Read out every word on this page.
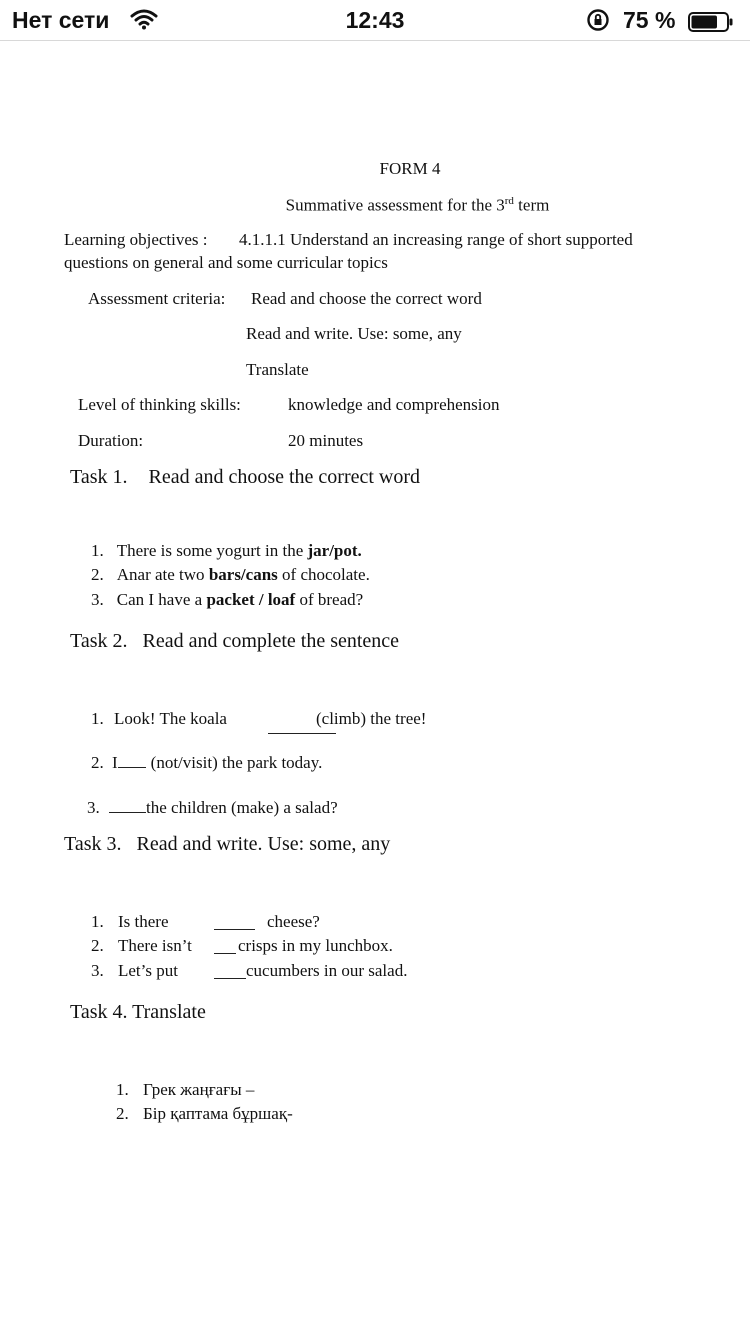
Нет сети	12:43	75 %
FORM 4
Summative assessment for the 3rd term
Learning objectives : 4.1.1.1 Understand an increasing range of short supported
questions on general and some curricular topics
Assessment criteria: Read and choose the correct word
Read and write. Use: some, any
Translate
Level of thinking skills:	knowledge and comprehension
Duration:	20 minutes
Task 1. Read and choose the correct word
1. There is some yogurt in the jar/pot.
2. Anar ate two bars/cans of chocolate.
3. Can I have a packet / loaf of bread?
Task 2. Read and complete the sentence
1. Look! The koala	(climb) the tree!
2. I (not/visit) the park today.
3.	the children (make) a salad?
Task 3. Read and write. Use: some, any
1. Is there	cheese?
2. There isn’t	crisps in my lunchbox.
3. Let’s put	cucumbers in our salad.
Task 4. Translate
1. Грек жаңғағы –
2. Бір қаптама бұршақ-
